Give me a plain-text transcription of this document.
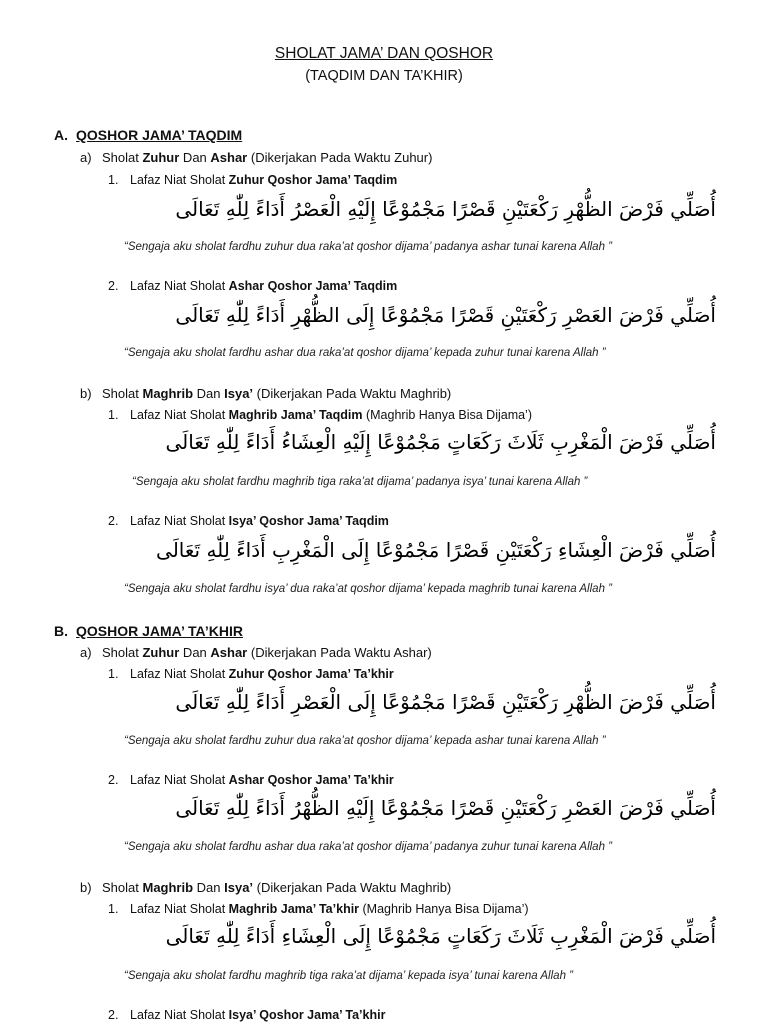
SHOLAT JAMA’ DAN QOSHOR
(TAQDIM DAN TA’KHIR)
A. QOSHOR JAMA’ TAQDIM
a) Sholat Zuhur Dan Ashar (Dikerjakan Pada Waktu Zuhur)
1. Lafaz Niat Sholat Zuhur Qoshor Jama’ Taqdim
أُصَلِّي فَرْضَ الظُّهْرِ رَكْعَتَيْنِ قَصْرًا مَجْمُوْعًا إِلَيْهِ الْعَصْرُ أَدَاءً لِلّٰهِ تَعَالَى
“Sengaja aku sholat fardhu zuhur dua raka’at qoshor dijama’ padanya ashar tunai karena Allah ”
2. Lafaz Niat Sholat Ashar Qoshor Jama’ Taqdim
أُصَلِّي فَرْضَ العَصْرِ رَكْعَتَيْنِ قَصْرًا مَجْمُوْعًا إِلَى الظُّهْرِ أَدَاءً لِلّٰهِ تَعَالَى
“Sengaja aku sholat fardhu ashar dua raka’at qoshor dijama’ kepada zuhur tunai karena Allah ”
b) Sholat Maghrib Dan Isya’ (Dikerjakan Pada Waktu Maghrib)
1. Lafaz Niat Sholat Maghrib Jama’ Taqdim (Maghrib Hanya Bisa Dijama’)
أُصَلِّي فَرْضَ الْمَغْرِبِ ثَلَاثَ رَكَعَاتٍ مَجْمُوْعًا إِلَيْهِ الْعِشَاءُ أَدَاءً لِلّٰهِ تَعَالَى
“Sengaja aku sholat fardhu maghrib tiga raka’at dijama’ padanya isya’ tunai karena Allah ”
2. Lafaz Niat Sholat Isya’ Qoshor Jama’ Taqdim
أُصَلِّي فَرْضَ الْعِشَاءِ رَكْعَتَيْنِ قَصْرًا مَجْمُوْعًا إِلَى الْمَغْرِبِ أَدَاءً لِلّٰهِ تَعَالَى
“Sengaja aku sholat fardhu isya’ dua raka’at qoshor dijama’ kepada maghrib tunai karena Allah ”
B. QOSHOR JAMA’ TA’KHIR
a) Sholat Zuhur Dan Ashar (Dikerjakan Pada Waktu Ashar)
1. Lafaz Niat Sholat Zuhur Qoshor Jama’ Ta’khir
أُصَلِّي فَرْضَ الظُّهْرِ رَكْعَتَيْنِ قَصْرًا مَجْمُوْعًا إِلَى الْعَصْرِ أَدَاءً لِلّٰهِ تَعَالَى
“Sengaja aku sholat fardhu zuhur dua raka’at qoshor dijama’ kepada ashar tunai karena Allah ”
2. Lafaz Niat Sholat Ashar Qoshor Jama’ Ta’khir
أُصَلِّي فَرْضَ العَصْرِ رَكْعَتَيْنِ قَصْرًا مَجْمُوْعًا إِلَيْهِ الظُّهْرُ أَدَاءً لِلّٰهِ تَعَالَى
“Sengaja aku sholat fardhu ashar dua raka’at qoshor dijama’ padanya zuhur tunai karena Allah ”
b) Sholat Maghrib Dan Isya’ (Dikerjakan Pada Waktu Maghrib)
1. Lafaz Niat Sholat Maghrib Jama’ Ta’khir (Maghrib Hanya Bisa Dijama’)
أُصَلِّي فَرْضَ الْمَغْرِبِ ثَلَاثَ رَكَعَاتٍ مَجْمُوْعًا إِلَى الْعِشَاءِ أَدَاءً لِلّٰهِ تَعَالَى
“Sengaja aku sholat fardhu maghrib tiga raka’at dijama’ kepada isya’ tunai karena Allah ”
2. Lafaz Niat Sholat Isya’ Qoshor Jama’ Ta’khir
